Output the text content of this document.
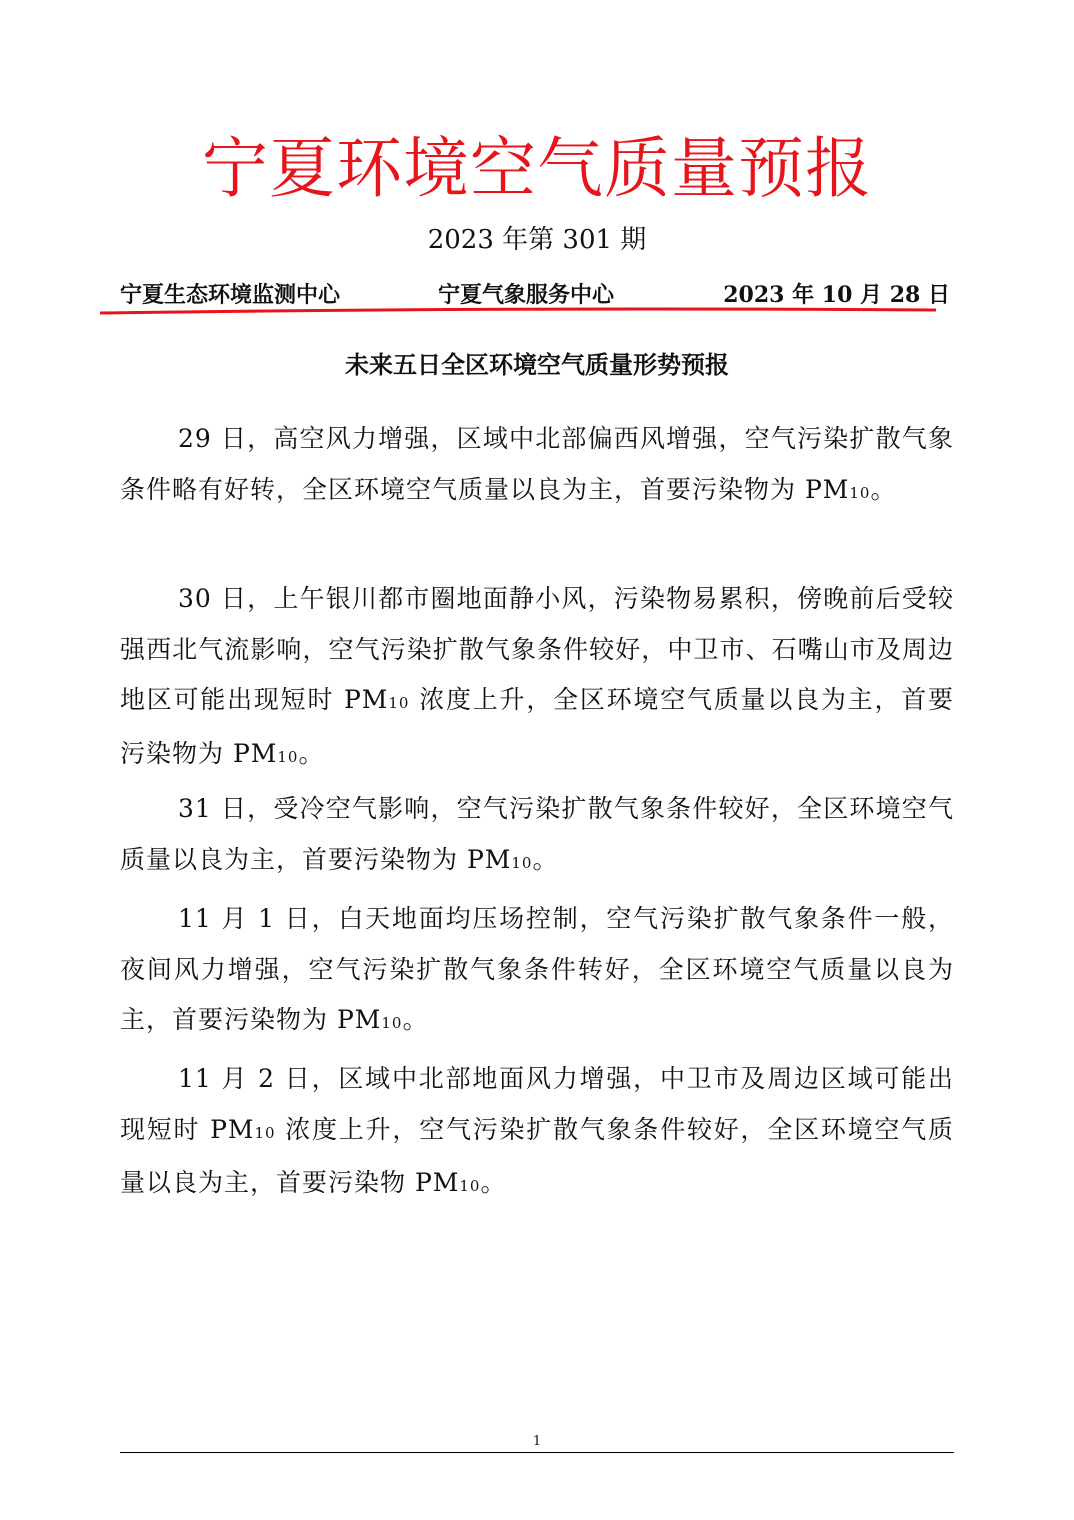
宁夏环境空气质量预报
2023 年第 301 期
宁夏生态环境监测中心	宁夏气象服务中心	2023 年 10 月 28 日
未来五日全区环境空气质量形势预报

29 日，高空风力增强，区域中北部偏西风增强，空气污染扩散气象条件略有好转，全区环境空气质量以良为主，首要污染物为 PM10。

30 日，上午银川都市圈地面静小风，污染物易累积，傍晚前后受较强西北气流影响，空气污染扩散气象条件较好，中卫市、石嘴山市及周边地区可能出现短时 PM10 浓度上升，全区环境空气质量以良为主，首要污染物为 PM10。

31 日，受冷空气影响，空气污染扩散气象条件较好，全区环境空气质量以良为主，首要污染物为 PM10。

11 月 1 日，白天地面均压场控制，空气污染扩散气象条件一般，夜间风力增强，空气污染扩散气象条件转好，全区环境空气质量以良为主，首要污染物为 PM10。

11 月 2 日，区域中北部地面风力增强，中卫市及周边区域可能出现短时 PM10 浓度上升，空气污染扩散气象条件较好，全区环境空气质量以良为主，首要污染物 PM10。

1
